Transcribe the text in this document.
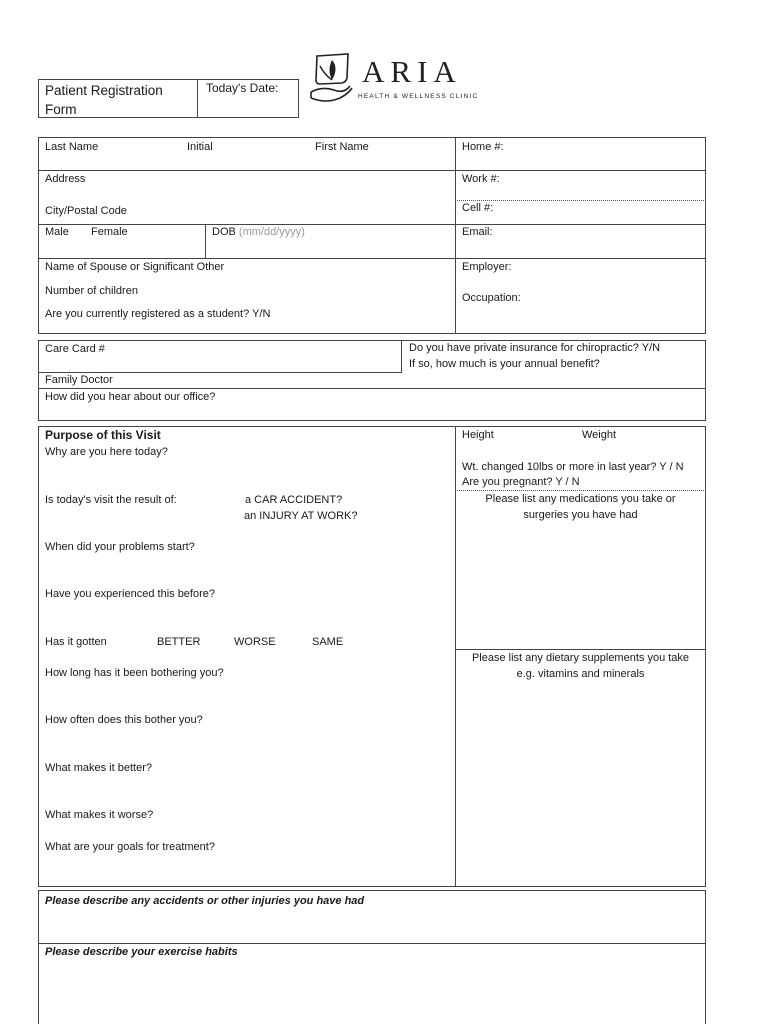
Patient Registration Form
Today's Date:	ARIA
HEALTH & WELLNESS CLINIC
Last Name	Initial	First Name	Home #:
Address	Work #:
City/Postal Code	Cell #:
Male Female	DOB (mm/dd/yyyy)	Email:
Name of Spouse or Significant Other	Employer:
Number of children
Occupation:
Are you currently registered as a student? Y/N
Care Card #	Do you have private insurance for chiropractic? Y/N
If so, how much is your annual benefit?
Family Doctor
How did you hear about our office?
Purpose of this Visit
Why are you here today?
Is today's visit the result of:	a CAR ACCIDENT?
an INJURY AT WORK?
When did your problems start?
Have you experienced this before?
Has it gotten	BETTER	WORSE	SAME
How long has it been bothering you?
How often does this bother you?
What makes it better?
What makes it worse?
What are your goals for treatment?
Height	Weight
Wt. changed 10lbs or more in last year? Y / N
Are you pregnant? Y / N
Please list any medications you take or
surgeries you have had
Please list any dietary supplements you take
e.g. vitamins and minerals
Please describe any accidents or other injuries you have had
Please describe your exercise habits
